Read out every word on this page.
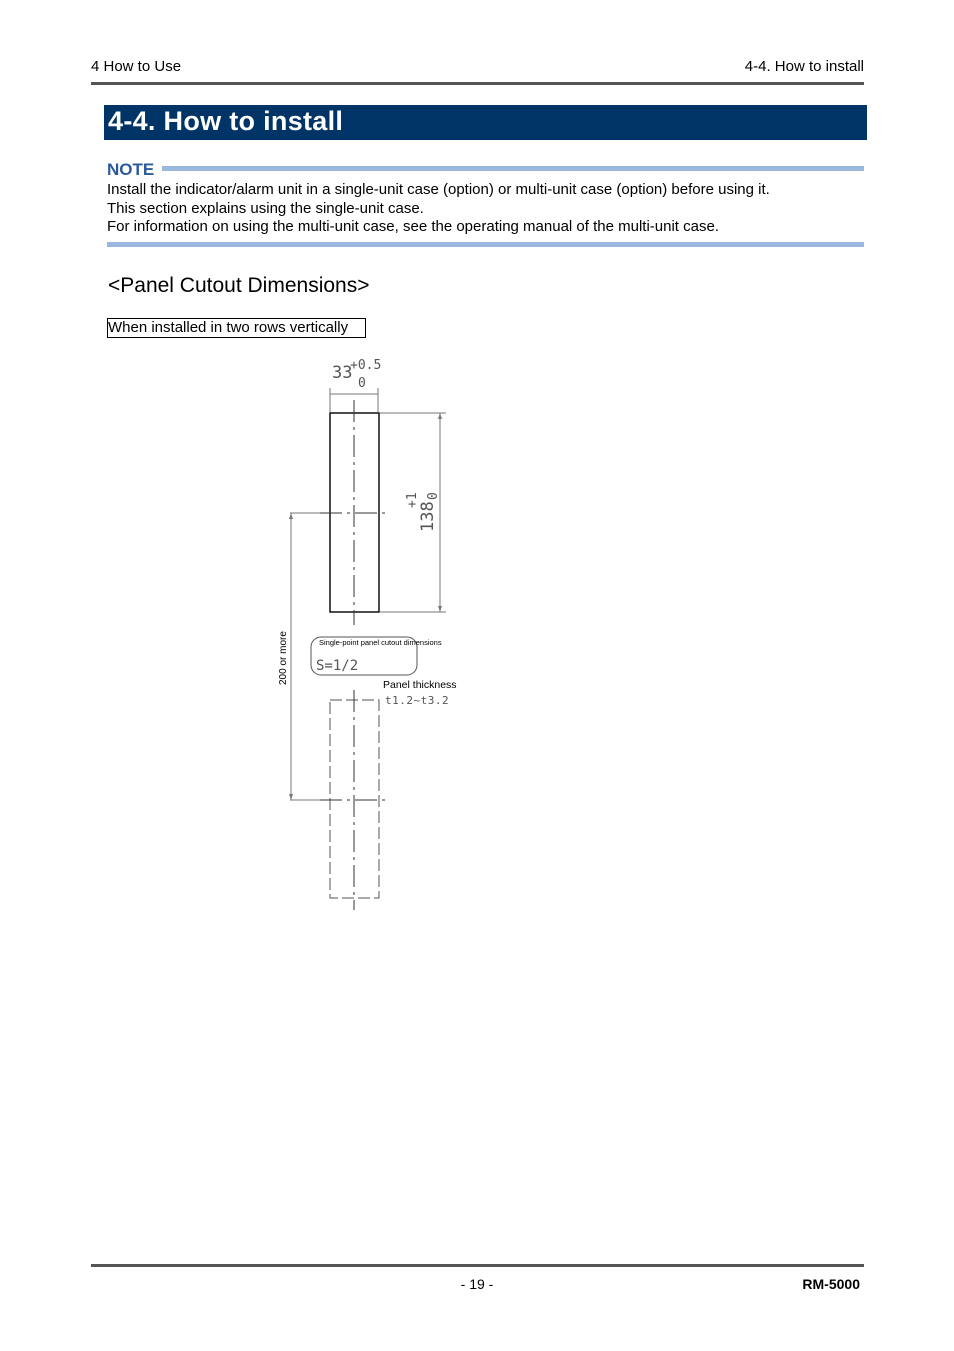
4 How to Use	4-4. How to install
4-4. How to install
NOTE
Install the indicator/alarm unit in a single-unit case (option) or multi-unit case (option) before using it.
This section explains using the single-unit case.
For information on using the multi-unit case, see the operating manual of the multi-unit case.
<Panel Cutout Dimensions>
When installed in two rows vertically
33
+0.5
0
138
+1 0
200 or more	Single-point panel cutout dimensions
S=1/2
Panel thickness
t1.2~t3.2
- 19 -	RM-5000
